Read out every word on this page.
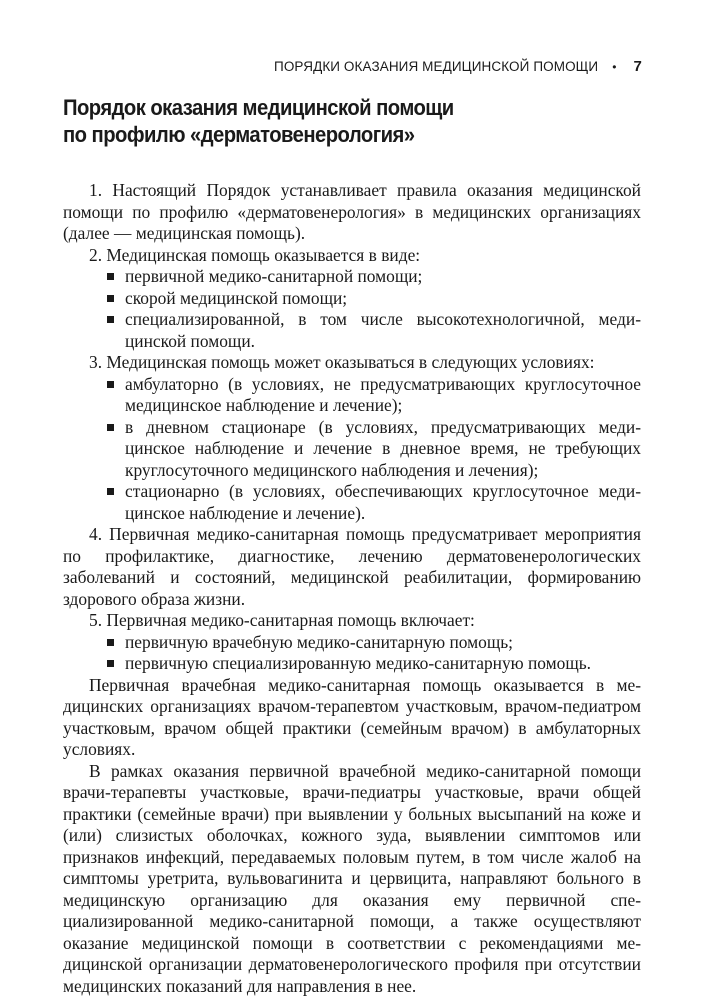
ПОРЯДКИ ОКАЗАНИЯ МЕДИЦИНСКОЙ ПОМОЩИ • 7
Порядок оказания медицинской помощи
по профилю «дерматовенерология»

1. Настоящий Порядок устанавливает правила оказания медицинской помощи по профилю «дерматовенерология» в медицинских организациях (далее — медицинская помощь).

2. Медицинская помощь оказывается в виде:

первичной медико-санитарной помощи;
скорой медицинской помощи;
специализированной, в том числе высокотехнологичной, медицинской помощи.

3. Медицинская помощь может оказываться в следующих условиях:

амбулаторно (в условиях, не предусматривающих круглосуточное медицинское наблюдение и лечение);
в дневном стационаре (в условиях, предусматривающих медицинское наблюдение и лечение в дневное время, не требующих круглосуточного медицинского наблюдения и лечения);
стационарно (в условиях, обеспечивающих круглосуточное медицинское наблюдение и лечение).

4. Первичная медико-санитарная помощь предусматривает мероприятия по профилактике, диагностике, лечению дерматовенерологических заболеваний и состояний, медицинской реабилитации, формированию здорового образа жизни.

5. Первичная медико-санитарная помощь включает:

первичную врачебную медико-санитарную помощь;
первичную специализированную медико-санитарную помощь.

Первичная врачебная медико-санитарная помощь оказывается в медицинских организациях врачом-терапевтом участковым, врачом-педиатром участковым, врачом общей практики (семейным врачом) в амбулаторных условиях.

В рамках оказания первичной врачебной медико-санитарной помощи врачи-терапевты участковые, врачи-педиатры участковые, врачи общей практики (семейные врачи) при выявлении у больных высыпаний на коже и (или) слизистых оболочках, кожного зуда, выявлении симптомов или признаков инфекций, передаваемых половым путем, в том числе жалоб на симптомы уретрита, вульвовагинита и цервицита, направляют больного в медицинскую организацию для оказания ему первичной специализированной медико-санитарной помощи, а также осуществляют оказание медицинской помощи в соответствии с рекомендациями медицинской организации дерматовенерологического профиля при отсутствии медицинских показаний для направления в нее.
